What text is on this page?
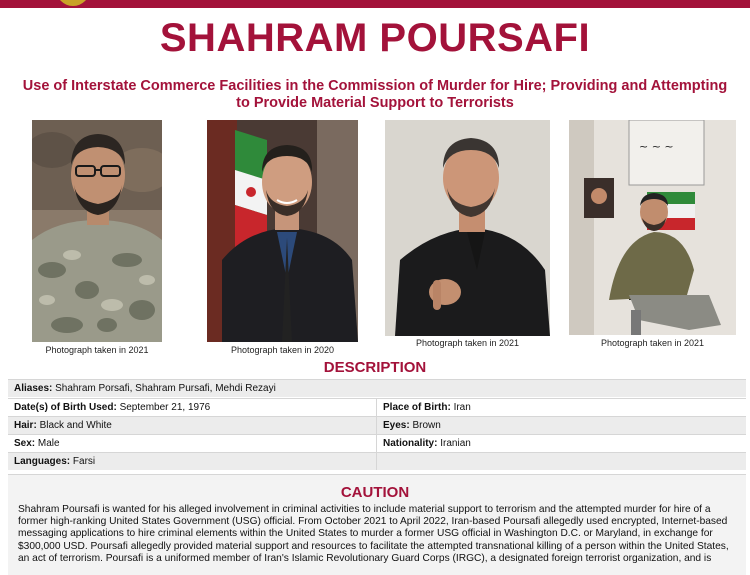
SHAHRAM POURSAFI
Use of Interstate Commerce Facilities in the Commission of Murder for Hire; Providing and Attempting
to Provide Material Support to Terrorists
Photograph taken in 2021	Photograph taken in 2020
Photograph taken in 2021
~ ~ ~
Photograph taken in 2021
DESCRIPTION
Aliases: Shahram Porsafi, Shahram Pursafi, Mehdi Rezayi
Date(s) of Birth Used: September 21, 1976	Place of Birth: Iran
Hair: Black and White	Eyes: Brown
Sex: Male	Nationality: Iranian
Languages: Farsi
CAUTION
Shahram Poursafi is wanted for his alleged involvement in criminal activities to include material support to terrorism and the attempted murder for hire of a former high-ranking United States Government (USG) official. From October 2021 to April 2022, Iran-based Poursafi allegedly used encrypted, Internet-based messaging applications to hire criminal elements within the United States to murder a former USG official in Washington D.C. or Maryland, in exchange for $300,000 USD. Poursafi allegedly provided material support and resources to facilitate the attempted transnational killing of a person within the United States, an act of terrorism. Poursafi is a uniformed member of Iran's Islamic Revolutionary Guard Corps (IRGC), a designated foreign terrorist organization, and is
